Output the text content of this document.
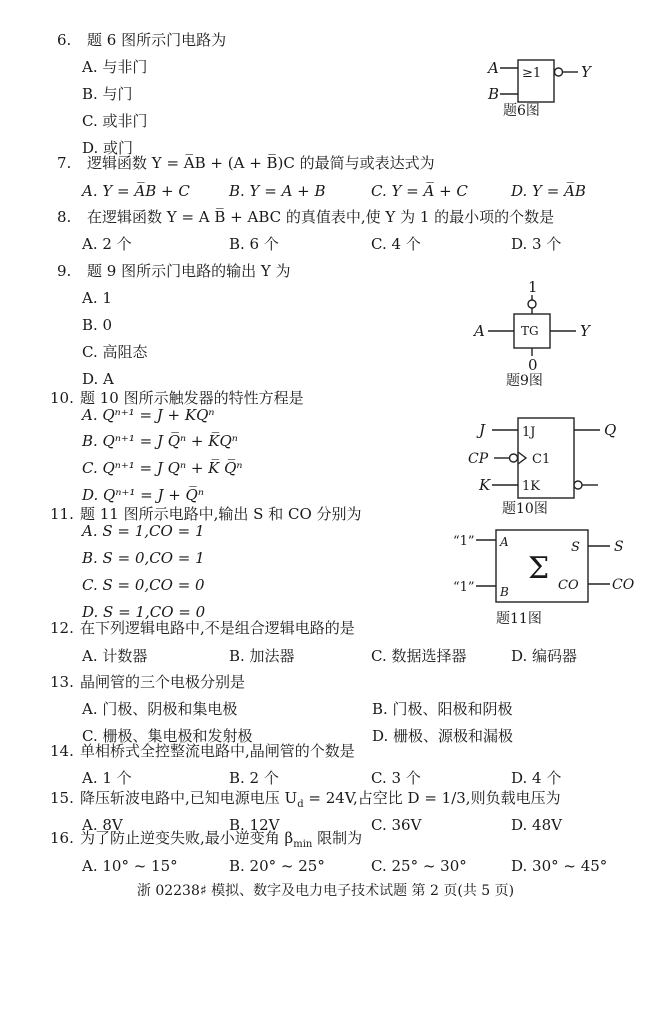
6. 题 6 图所示门电路为
A. 与非门
B. 与门
C. 或非门
D. 或门
A
B
≥1	Y
题6图
7. 逻辑函数 Y = A̅B + (A + B̅)C 的最简与或表达式为
A. Y = A̅B + C	B. Y = A + B	C. Y = A̅ + C	D. Y = A̅B
8. 在逻辑函数 Y = A B̅ + ABC 的真值表中,使 Y 为 1 的最小项的个数是
A. 2 个	B. 6 个	C. 4 个	D. 3 个
9. 题 9 图所示门电路的输出 Y 为
A. 1
B. 0
C. 高阻态
D. A
1
TG
A	Y
0
题9图
10. 题 10 图所示触发器的特性方程是
A. Qⁿ⁺¹ = J + KQⁿ
B. Qⁿ⁺¹ = J Q̅ⁿ + K̅Qⁿ
C. Qⁿ⁺¹ = J Qⁿ + K̅ Q̅ⁿ
D. Qⁿ⁺¹ = J + Q̅ⁿ
1J
C1
1K
J
CP
K
Q
题10图
11. 题 11 图所示电路中,输出 S 和 CO 分别为
A. S = 1,CO = 1
B. S = 0,CO = 1
C. S = 0,CO = 0
D. S = 1,CO = 0
A
B
Σ
S
CO
“1”
“1”
S
CO
题11图
12. 在下列逻辑电路中,不是组合逻辑电路的是
A. 计数器	B. 加法器	C. 数据选择器	D. 编码器
13. 晶闸管的三个电极分别是
A. 门极、阴极和集电极	B. 门极、阳极和阴极
C. 栅极、集电极和发射极	D. 栅极、源极和漏极
14. 单相桥式全控整流电路中,晶闸管的个数是
A. 1 个	B. 2 个	C. 3 个	D. 4 个
15. 降压斩波电路中,已知电源电压 $U_d = 24V$,占空比 D = 1/3,则负载电压为
A. 8V	B. 12V	C. 36V	D. 48V
16. 为了防止逆变失败,最小逆变角 $\beta_{min}$ 限制为
A. 10° ~ 15°	B. 20° ~ 25°	C. 25° ~ 30°	D. 30° ~ 45°
浙 02238♯ 模拟、数字及电力电子技术试题 第 2 页(共 5 页)
